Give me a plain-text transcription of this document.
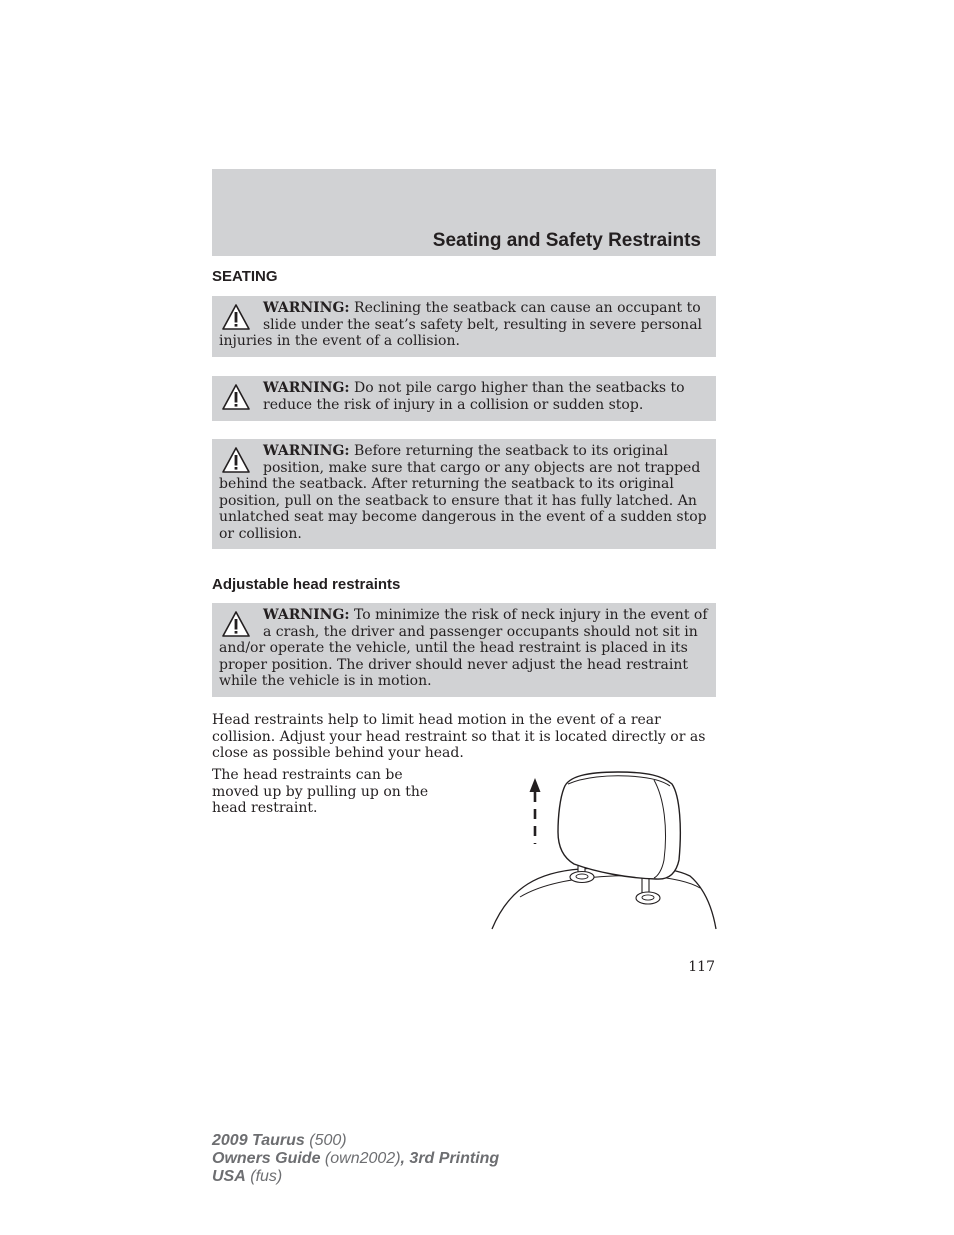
Seating and Safety Restraints
SEATING
WARNING: Reclining the seatback can cause an occupant to slide under the seat’s safety belt, resulting in severe personal injuries in the event of a collision.
WARNING: Do not pile cargo higher than the seatbacks to reduce the risk of injury in a collision or sudden stop.
WARNING: Before returning the seatback to its original position, make sure that cargo or any objects are not trapped behind the seatback. After returning the seatback to its original position, pull on the seatback to ensure that it has fully latched. An unlatched seat may become dangerous in the event of a sudden stop or collision.
Adjustable head restraints
WARNING: To minimize the risk of neck injury in the event of a crash, the driver and passenger occupants should not sit in and/or operate the vehicle, until the head restraint is placed in its proper position. The driver should never adjust the head restraint while the vehicle is in motion.

Head restraints help to limit head motion in the event of a rear collision. Adjust your head restraint so that it is located directly or as close as possible behind your head.

The head restraints can be moved up by pulling up on the head restraint.

117
2009 Taurus (500)
Owners Guide (own2002), 3rd Printing
USA (fus)
